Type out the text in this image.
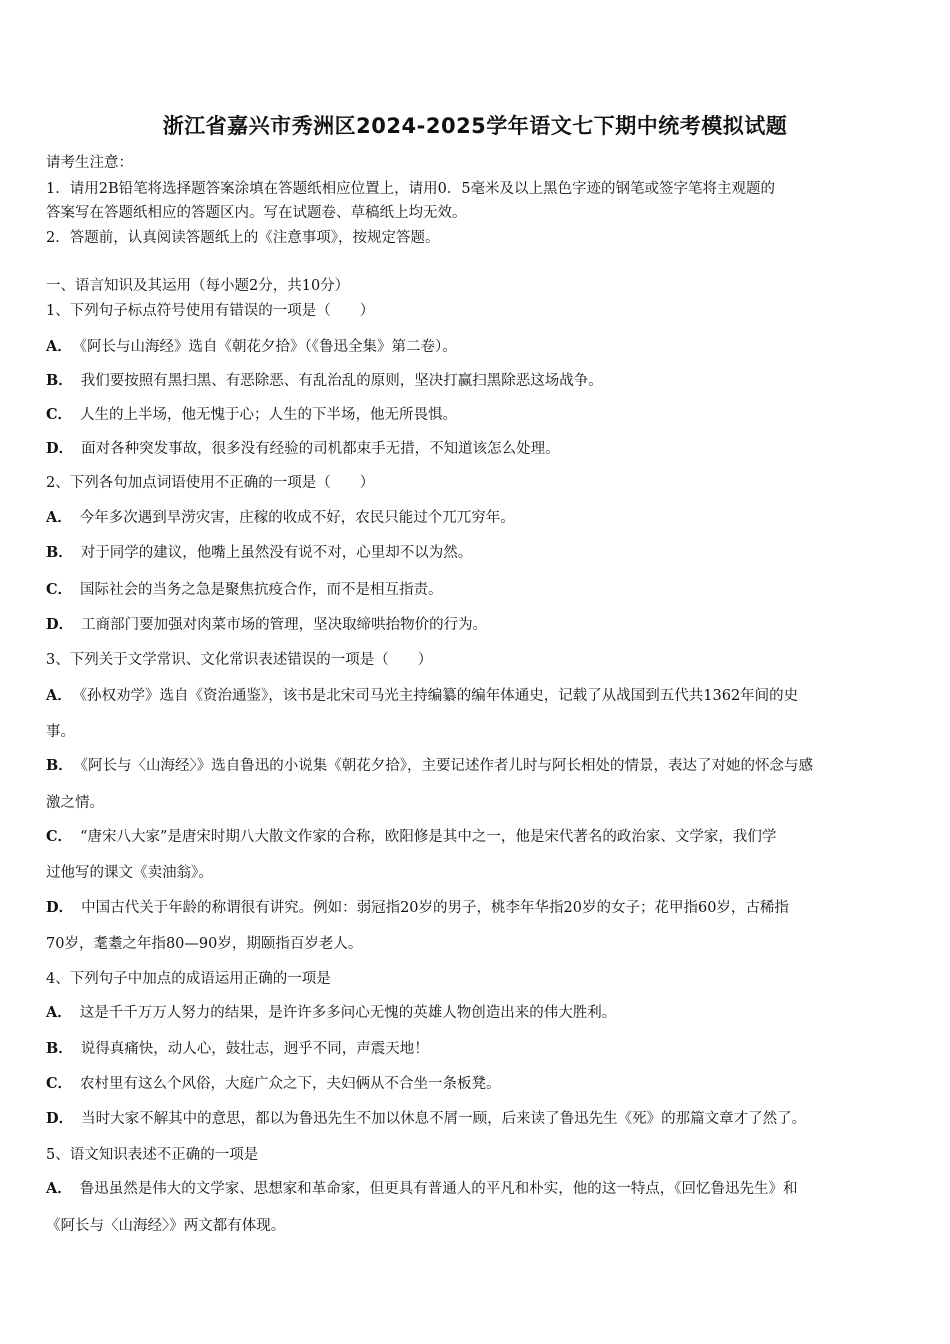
浙江省嘉兴市秀洲区2024-2025学年语文七下期中统考模拟试题
请考生注意：
1．请用2B铅笔将选择题答案涂填在答题纸相应位置上，请用0．5毫米及以上黑色字迹的钢笔或签字笔将主观题的
答案写在答题纸相应的答题区内。写在试题卷、草稿纸上均无效。
2．答题前，认真阅读答题纸上的《注意事项》，按规定答题。
一、语言知识及其运用（每小题2分，共10分）
1、下列句子标点符号使用有错误的一项是（　　）
A． 《阿长与山海经》选自《朝花夕拾》（《鲁迅全集》第二卷）。
B． 我们要按照有黑扫黑、有恶除恶、有乱治乱的原则，坚决打赢扫黑除恶这场战争。
C． 人生的上半场，他无愧于心；人生的下半场，他无所畏惧。
D． 面对各种突发事故，很多没有经验的司机都束手无措，不知道该怎么处理。
2、下列各句加点词语使用不正确的一项是（　　）
A． 今年多次遇到旱涝灾害，庄稼的收成不好，农民只能过个兀兀穷年。
B． 对于同学的建议，他嘴上虽然没有说不对，心里却不以为然。
C． 国际社会的当务之急是聚焦抗疫合作，而不是相互指责。
D． 工商部门要加强对肉菜市场的管理，坚决取缔哄抬物价的行为。
3、下列关于文学常识、文化常识表述错误的一项是（　　）
A． 《孙权劝学》选自《资治通鉴》，该书是北宋司马光主持编纂的编年体通史，记载了从战国到五代共1362年间的史
事。
B． 《阿长与〈山海经〉》选自鲁迅的小说集《朝花夕拾》，主要记述作者儿时与阿长相处的情景，表达了对她的怀念与感
激之情。
C． “唐宋八大家”是唐宋时期八大散文作家的合称，欧阳修是其中之一，他是宋代著名的政治家、文学家，我们学
过他写的课文《卖油翁》。
D． 中国古代关于年龄的称谓很有讲究。例如：弱冠指20岁的男子，桃李年华指20岁的女子；花甲指60岁，古稀指
70岁，耄耋之年指80—90岁，期颐指百岁老人。
4、下列句子中加点的成语运用正确的一项是
A． 这是千千万万人努力的结果，是许许多多问心无愧的英雄人物创造出来的伟大胜利。
B． 说得真痛快，动人心，鼓壮志，迥乎不同，声震天地！
C． 农村里有这么个风俗，大庭广众之下，夫妇俩从不合坐一条板凳。
D． 当时大家不解其中的意思，都以为鲁迅先生不加以休息不屑一顾，后来读了鲁迅先生《死》的那篇文章才了然了。
5、语文知识表述不正确的一项是
A． 鲁迅虽然是伟大的文学家、思想家和革命家，但更具有普通人的平凡和朴实，他的这一特点，《回忆鲁迅先生》和
《阿长与〈山海经〉》两文都有体现。
